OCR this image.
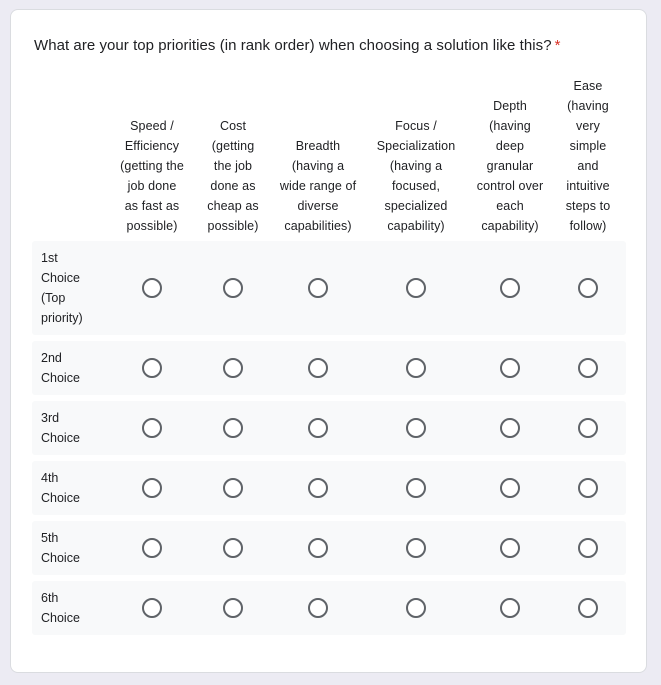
What are your top priorities (in rank order) when choosing a solution like this? *
Speed /
Efficiency
(getting the
job done
as fast as
possible)
Cost
(getting
the job
done as
cheap as
possible)
Breadth
(having a
wide range of
diverse
capabilities)
Focus /
Specialization
(having a
focused,
specialized
capability)
Depth
(having
deep
granular
control over
each
capability)
Ease
(having
very
simple
and
intuitive
steps to
follow)
1st
Choice
(Top
priority)
2nd
Choice
3rd
Choice
4th
Choice
5th
Choice
6th
Choice
